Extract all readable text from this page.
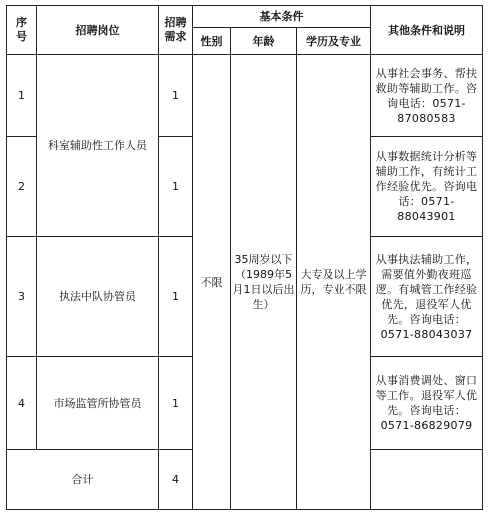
序
号	招聘岗位	招聘
需求	基本条件			其他条件和说明
			性别	年龄	学历及专业	
1	科室辅助性工作人员	1	不限	35周岁以下（1989年5月1日以后出生）	大专及以上学历，专业不限	从事社会事务、帮扶救助等辅助工作。咨询电话：0571-87080583
2		1				从事数据统计分析等辅助工作，有统计工作经验优先。咨询电话：0571-88043901
3	执法中队协管员	1				从事执法辅助工作，需要值外勤夜班巡逻。有城管工作经验优先，退役军人优先。咨询电话：0571-88043037
4	市场监管所协管员	1				从事消费调处、窗口等工作。退役军人优先。咨询电话：0571-86829079
合计		4				
